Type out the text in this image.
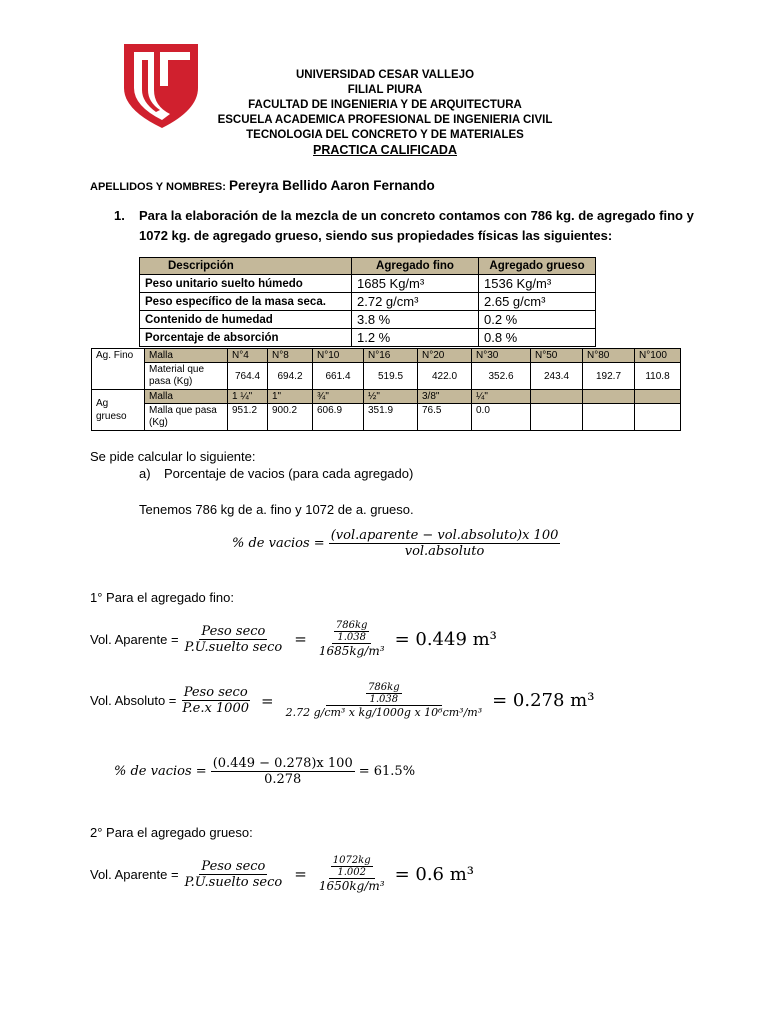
UNIVERSIDAD CESAR VALLEJO
FILIAL PIURA
FACULTAD DE INGENIERIA Y DE ARQUITECTURA
ESCUELA ACADEMICA PROFESIONAL DE INGENIERIA CIVIL
TECNOLOGIA DEL CONCRETO Y DE MATERIALES
PRACTICA CALIFICADA
APELLIDOS Y NOMBRES: Pereyra Bellido Aaron Fernando
1. Para la elaboración de la mezcla de un concreto contamos con 786 kg. de agregado fino y
1072 kg. de agregado grueso, siendo sus propiedades físicas las siguientes:
Descripción	Agregado fino	Agregado grueso
Peso unitario suelto húmedo	1685 Kg/m³	1536 Kg/m³
Peso específico de la masa seca.	2.72 g/cm³	2.65 g/cm³
Contenido de humedad	3.8 %	0.2 %
Porcentaje de absorción	1.2 %	0.8 %
Ag. Fino	Malla	N°4	N°8	N°10	N°16	N°20	N°30	N°50	N°80	N°100
	Material que pasa (Kg)	764.4	694.2	661.4	519.5	422.0	352.6	243.4	192.7	110.8
Ag grueso	Malla	1 ¼"	1"	¾"	½"	3/8"	¼"			
	Malla que pasa (Kg)	951.2	900.2	606.9	351.9	76.5	0.0			
Se pide calcular lo siguiente:
a) Porcentaje de vacios (para cada agregado)
Tenemos 786 kg de a. fino y 1072 de a. grueso.
% de vacios = $\frac{\text{(vol.aparente − vol.absoluto)x 100}}{\text{vol.absoluto}}$
1° Para el agregado fino:
Vol. Aparente = $\frac{\text{Peso seco}}{\text{P.U.suelto seco}} = \frac{\frac{786kg}{1.038}}{\text{1685kg/m³}} = 0.449$ m³
Vol. Absoluto = $\frac{\text{Peso seco}}{P.e.x 1000} = \frac{\frac{786kg}{1.038}}{\text{2.72 g/cm³ x kg/1000g x 10⁶cm³/m³}} = 0.278$ m³
% de vacios = $\frac{(0.449 - 0.278)x 100}{0.278} = 61.5\%$
2° Para el agregado grueso:
Vol. Aparente = $\frac{\text{Peso seco}}{\text{P.U.suelto seco}} = \frac{\frac{1072kg}{1.002}}{\text{1650kg/m³}} = 0.6$ m³
